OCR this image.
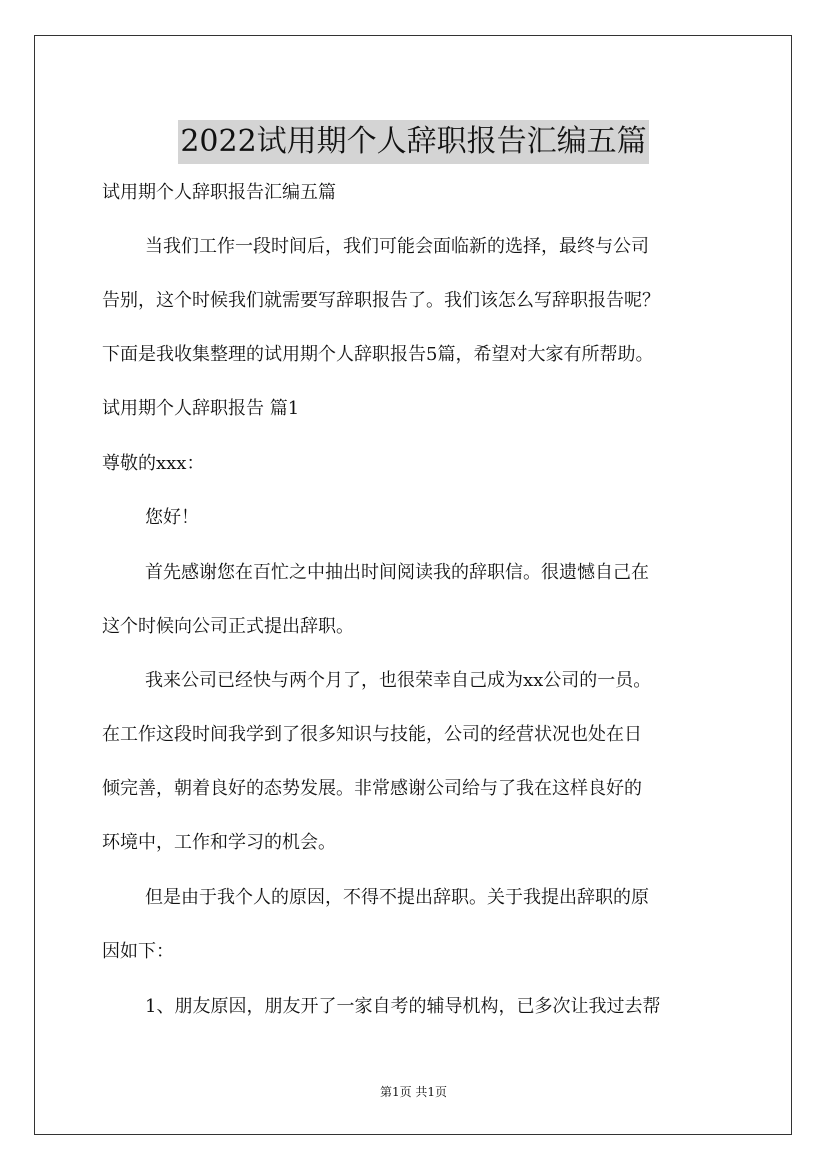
2022试用期个人辞职报告汇编五篇
试用期个人辞职报告汇编五篇
当我们工作一段时间后，我们可能会面临新的选择，最终与公司
告别，这个时候我们就需要写辞职报告了。我们该怎么写辞职报告呢？
下面是我收集整理的试用期个人辞职报告5篇，希望对大家有所帮助。
试用期个人辞职报告 篇1
尊敬的xxx：
您好！
首先感谢您在百忙之中抽出时间阅读我的辞职信。很遗憾自己在
这个时候向公司正式提出辞职。
我来公司已经快与两个月了，也很荣幸自己成为xx公司的一员。
在工作这段时间我学到了很多知识与技能，公司的经营状况也处在日
倾完善，朝着良好的态势发展。非常感谢公司给与了我在这样良好的
环境中，工作和学习的机会。
但是由于我个人的原因，不得不提出辞职。关于我提出辞职的原
因如下：
1、朋友原因，朋友开了一家自考的辅导机构，已多次让我过去帮
第1页 共1页
